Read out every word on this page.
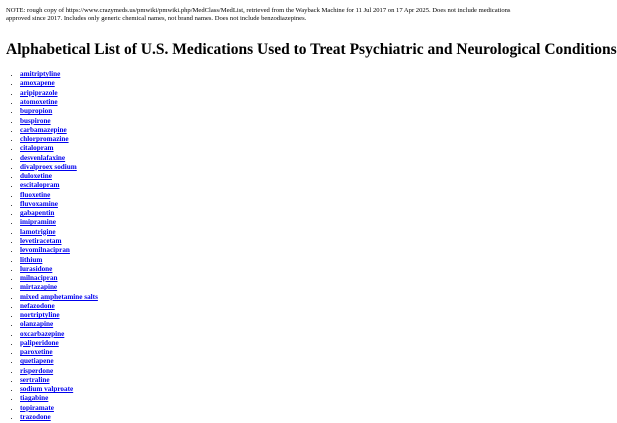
NOTE: rough copy of https://www.crazymeds.us/pmwiki/pmwiki.php/MedClass/MedList, retrieved from the Wayback Machine for 11 Jul 2017 on 17 Apr 2025. Does not include medications approved since 2017. Includes only generic chemical names, not brand names. Does not include benzodiazepines.

Alphabetical List of U.S. Medications Used to Treat Psychiatric and Neurological Conditions
• amitriptyline
• amoxapene
• aripiprazole
• atomoxetine
• bupropion
• buspirone
• carbamazepine
• chlorpromazine
• citalopram
• desvenlafaxine
• divalproex sodium
• duloxetine
• escitalopram
• fluoxetine
• fluvoxamine
• gabapentin
• imipramine
• lamotrigine
• levetiracetam
• levomilnacipran
• lithium
• lurasidone
• milnacipran
• mirtazapine
• mixed amphetamine salts
• nefazodone
• nortriptyline
• olanzapine
• oxcarbazepine
• paliperidone
• paroxetine
• quetiapene
• risperdone
• sertraline
• sodium valproate
• tiagabine
• topiramate
• trazodone
